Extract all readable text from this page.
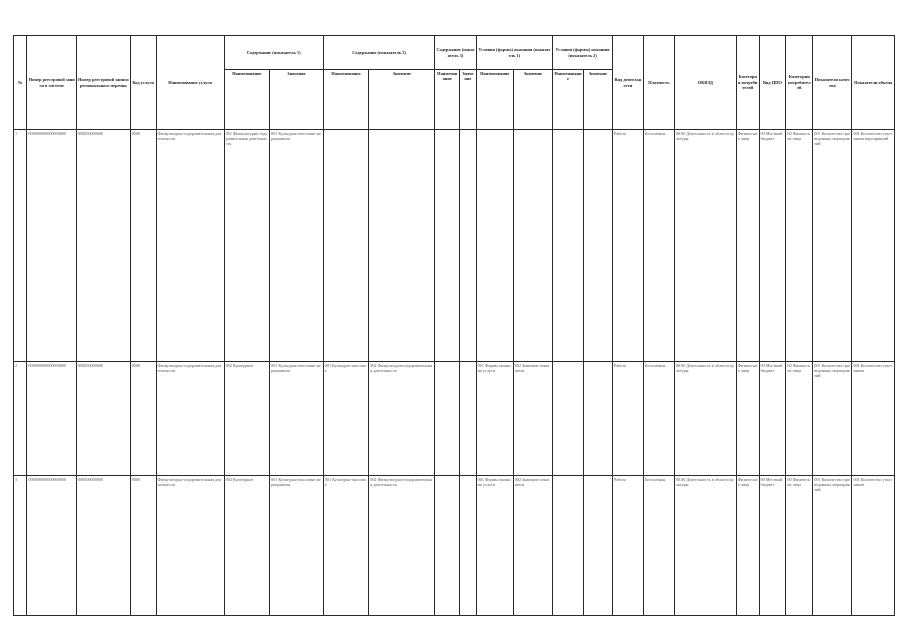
№	Номер реестровой записи в системе	Номер реестровой записи регионального перечня	Код услуги	Наименование услуги	Содержание (показатель 1)		Содержание (показатель 2)		Содержание (показатель 3)		Условия (формы) оказания (показатель 1)		Условия (формы) оказания (показатель 2)		Вид деятельности	Платность	ОКВЭД	Категория потребителей	Вид ППО	Категории потребителей	Показатели качества	Показатели объема
					Наименование	Значение	Наименование	Значение	Наименование	Значение	Наименование	Значение	Наименование	Значение								
1	000000000000000000	000000000000	0000	Физкультурно-оздоровительная деятельность	001 Физкультурно-оздоровительная деятельность	001 Культурно-массовые мероприятия									Работа	Бесплатная	00.00 Деятельность в области культуры	Физические лица	00 Местный бюджет	00 Физические лица	001 Количество проведенных мероприятий	001 Количество участников мероприятий
2	000000000000000000	000000000000	0000	Физкультурно-оздоровительная деятельность	002 Культурное	001 Культурно-массовые мероприятия	001 Культурно-массовое	002 Физкультурно-оздоровительная деятельность			001 Формы оказания услуги	002 Значение показателя			Работа	Бесплатная	00.00 Деятельность в области культуры	Физические лица	00 Местный бюджет	00 Физические лица	001 Количество проведенных мероприятий	001 Количество участников
3	000000000000000000	000000000000	0000	Физкультурно-оздоровительная деятельность	002 Культурное	001 Культурно-массовые мероприятия	001 Культурно-массовое	002 Физкультурно-оздоровительная деятельность			001 Формы оказания услуги	002 Значение показателя			Работа	Бесплатная	00.00 Деятельность в области культуры	Физические лица	00 Местный бюджет	00 Физические лица	001 Количество проведенных мероприятий	001 Количество участников
